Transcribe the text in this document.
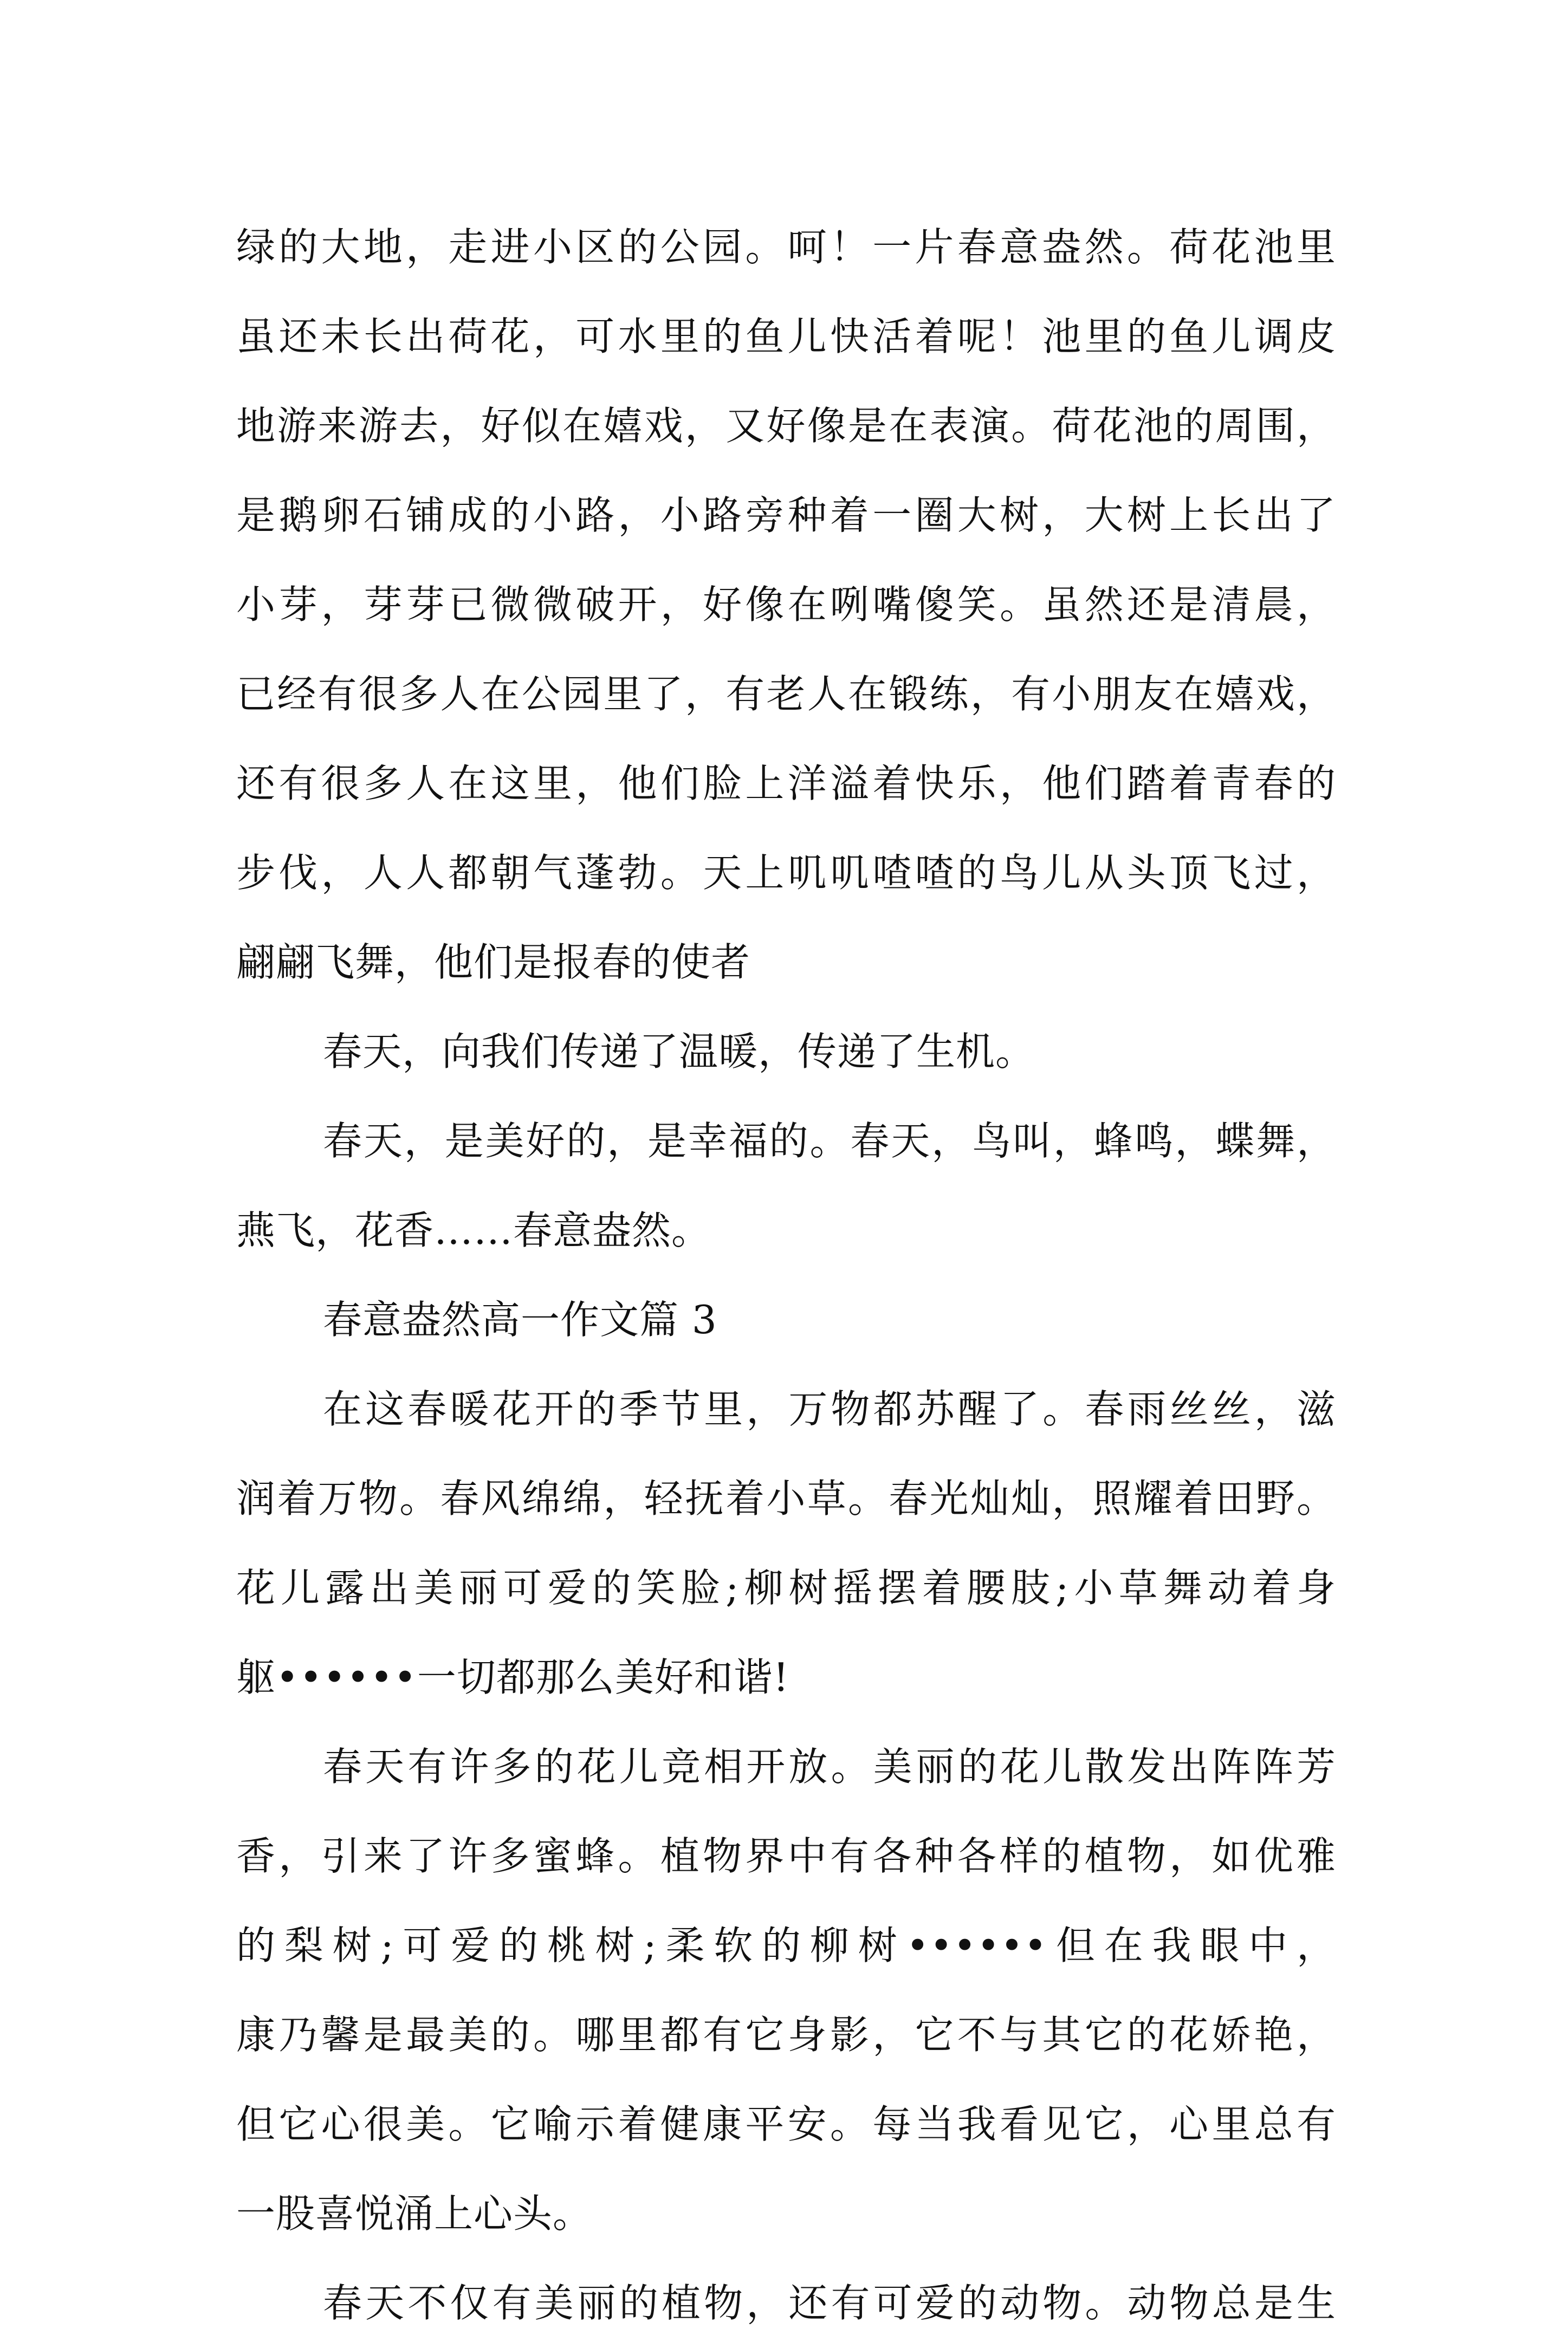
绿的大地，走进小区的公园。呵！一片春意盎然。荷花池里
虽还未长出荷花，可水里的鱼儿快活着呢！池里的鱼儿调皮
地游来游去，好似在嬉戏，又好像是在表演。荷花池的周围，
是鹅卵石铺成的小路，小路旁种着一圈大树，大树上长出了
小芽，芽芽已微微破开，好像在咧嘴傻笑。虽然还是清晨，
已经有很多人在公园里了，有老人在锻练，有小朋友在嬉戏，
还有很多人在这里，他们脸上洋溢着快乐，他们踏着青春的
步伐，人人都朝气蓬勃。天上叽叽喳喳的鸟儿从头顶飞过，
翩翩飞舞，他们是报春的使者
春天，向我们传递了温暖，传递了生机。
春天，是美好的，是幸福的。春天，鸟叫，蜂鸣，蝶舞，
燕飞，花香……春意盎然。
春意盎然高一作文篇 3
在这春暖花开的季节里，万物都苏醒了。春雨丝丝，滋
润着万物。春风绵绵，轻抚着小草。春光灿灿，照耀着田野。
花儿露出美丽可爱的笑脸;柳树摇摆着腰肢;小草舞动着身
躯••••••一切都那么美好和谐!
春天有许多的花儿竞相开放。美丽的花儿散发出阵阵芳
香，引来了许多蜜蜂。植物界中有各种各样的植物，如优雅
的梨树;可爱的桃树;柔软的柳树••••••但在我眼中，
康乃馨是最美的。哪里都有它身影，它不与其它的花娇艳，
但它心很美。它喻示着健康平安。每当我看见它，心里总有
一股喜悦涌上心头。
春天不仅有美丽的植物，还有可爱的动物。动物总是生
